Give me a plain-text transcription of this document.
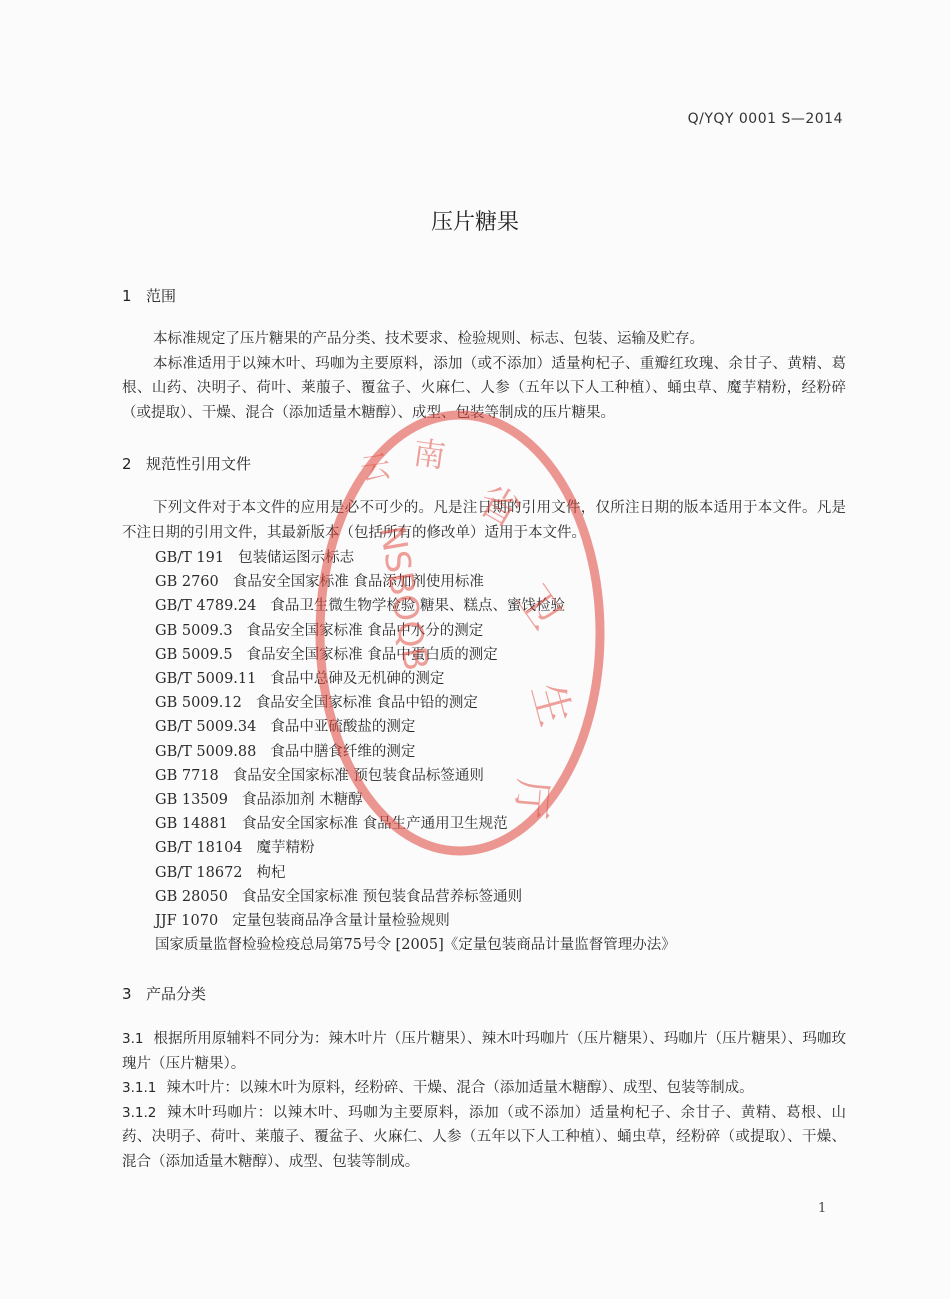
Q/YQY 0001 S—2014
压片糖果
1 范围

本标准规定了压片糖果的产品分类、技术要求、检验规则、标志、包装、运输及贮存。

本标准适用于以辣木叶、玛咖为主要原料，添加（或不添加）适量枸杞子、重瓣红玫瑰、余甘子、黄精、葛根、山药、决明子、荷叶、莱菔子、覆盆子、火麻仁、人参（五年以下人工种植）、蛹虫草、魔芋精粉，经粉碎（或提取）、干燥、混合（添加适量木糖醇）、成型、包装等制成的压片糖果。

2 规范性引用文件

下列文件对于本文件的应用是必不可少的。凡是注日期的引用文件，仅所注日期的版本适用于本文件。凡是不注日期的引用文件，其最新版本（包括所有的修改单）适用于本文件。

GB/T 191 包装储运图示标志
GB 2760 食品安全国家标准 食品添加剂使用标准
GB/T 4789.24 食品卫生微生物学检验 糖果、糕点、蜜饯检验
GB 5009.3 食品安全国家标准 食品中水分的测定
GB 5009.5 食品安全国家标准 食品中蛋白质的测定
GB/T 5009.11 食品中总砷及无机砷的测定
GB 5009.12 食品安全国家标准 食品中铅的测定
GB/T 5009.34 食品中亚硫酸盐的测定
GB/T 5009.88 食品中膳食纤维的测定
GB 7718 食品安全国家标准 预包装食品标签通则
GB 13509 食品添加剂 木糖醇
GB 14881 食品安全国家标准 食品生产通用卫生规范
GB/T 18104 魔芋精粉
GB/T 18672 枸杞
GB 28050 食品安全国家标准 预包装食品营养标签通则
JJF 1070 定量包装商品净含量计量检验规则
国家质量监督检验检疫总局第75号令 [2005]《定量包装商品计量监督管理办法》
3 产品分类
3.1 根据所用原辅料不同分为：辣木叶片（压片糖果）、辣木叶玛咖片（压片糖果）、玛咖片（压片糖果）、玛咖玫瑰片（压片糖果）。
3.1.1 辣木叶片：以辣木叶为原料，经粉碎、干燥、混合（添加适量木糖醇）、成型、包装等制成。
3.1.2 辣木叶玛咖片：以辣木叶、玛咖为主要原料，添加（或不添加）适量枸杞子、余甘子、黄精、葛根、山药、决明子、荷叶、莱菔子、覆盆子、火麻仁、人参（五年以下人工种植）、蛹虫草，经粉碎（或提取）、干燥、混合（添加适量木糖醇）、成型、包装等制成。
1
云 南
省
卫
生
厅
NSBOQB
